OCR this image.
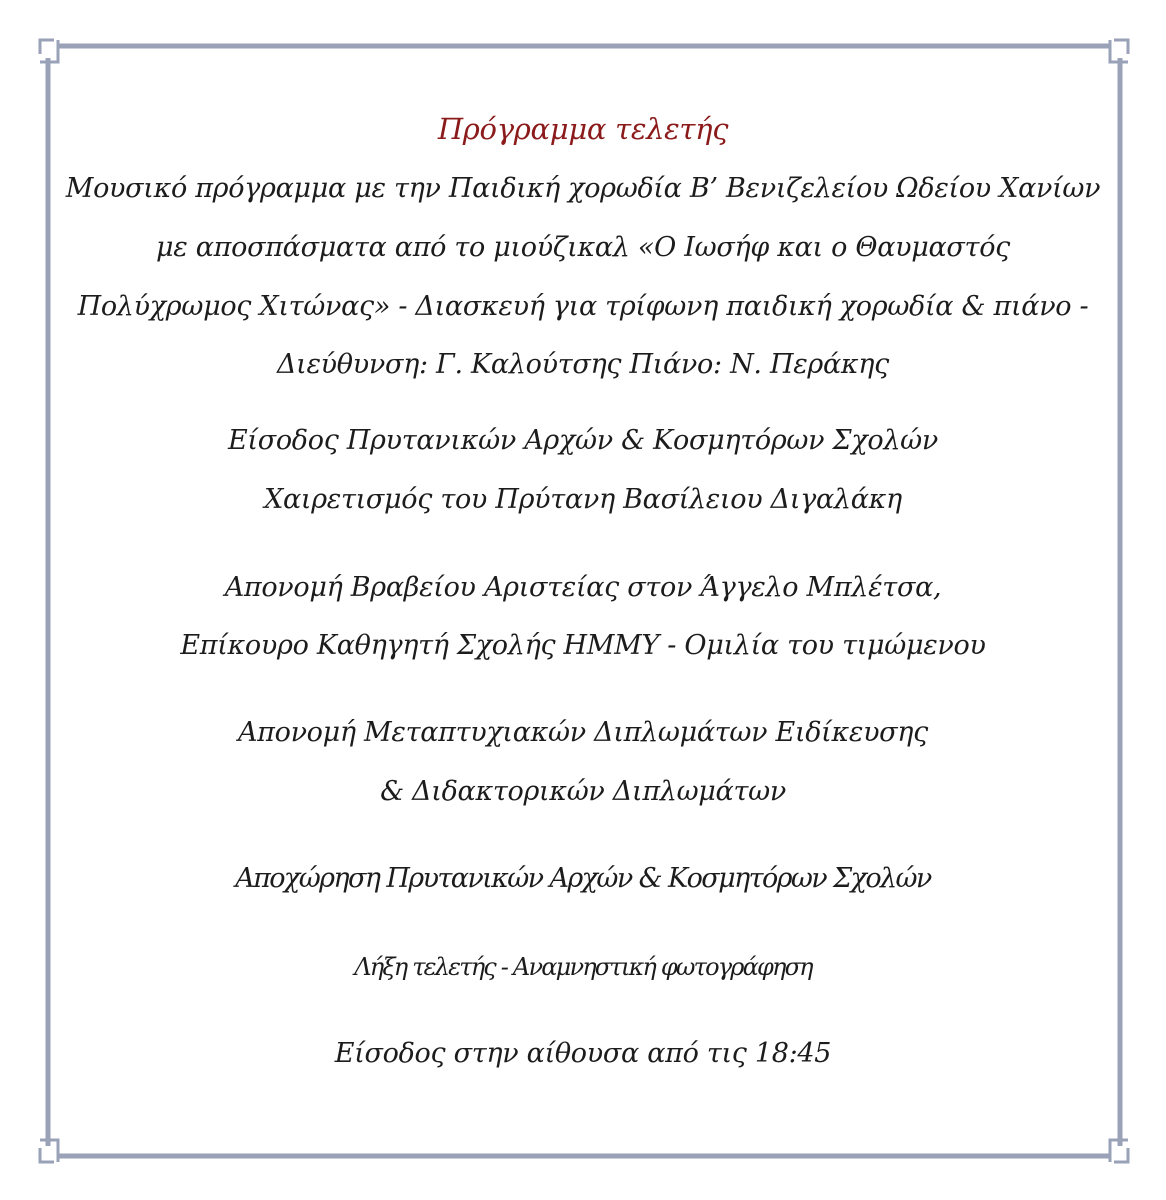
Πρόγραμμα τελετής
Μουσικό πρόγραμμα με την Παιδική χορωδία Β’ Βενιζελείου Ωδείου Χανίων
με αποσπάσματα από το μιούζικαλ «Ο Ιωσήφ και ο Θαυμαστός
Πολύχρωμος Χιτώνας» - Διασκευή για τρίφωνη παιδική χορωδία & πιάνο -
Διεύθυνση: Γ. Καλούτσης Πιάνο: Ν. Περάκης
Είσοδος Πρυτανικών Αρχών & Κοσμητόρων Σχολών
Χαιρετισμός του Πρύτανη Βασίλειου Διγαλάκη
Απονομή Βραβείου Αριστείας στον Άγγελο Μπλέτσα,
Επίκουρο Καθηγητή Σχολής ΗΜΜΥ - Ομιλία του τιμώμενου
Απονομή Μεταπτυχιακών Διπλωμάτων Ειδίκευσης
& Διδακτορικών Διπλωμάτων
Αποχώρηση Πρυτανικών Αρχών & Κοσμητόρων Σχολών
Λήξη τελετής - Αναμνηστική φωτογράφηση
Είσοδος στην αίθουσα από τις 18:45
